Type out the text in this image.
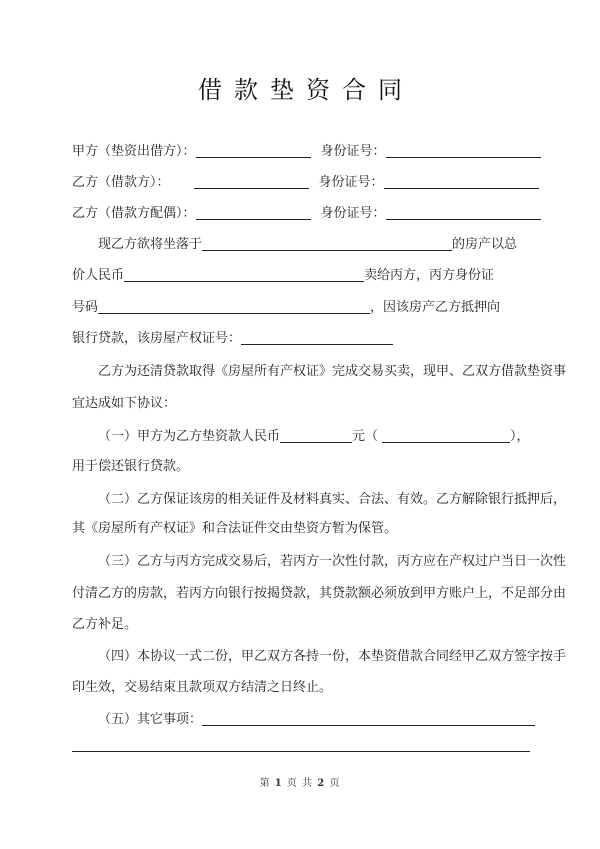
借款垫资合同
甲方（垫资出借方）：	身份证号：
乙方（借款方）：	身份证号：
乙方（借款方配偶）：	身份证号：
现乙方欲将坐落于	的房产以总
价人民币	卖给丙方，丙方身份证
号码	，因该房产乙方抵押向
银行贷款，该房屋产权证号：
乙方为还清贷款取得《房屋所有产权证》完成交易买卖，现甲、乙双方借款垫资事
宜达成如下协议：
（一）甲方为乙方垫资款人民币	元（	），
用于偿还银行贷款。
（二）乙方保证该房的相关证件及材料真实、合法、有效。乙方解除银行抵押后，
其《房屋所有产权证》和合法证件交由垫资方暂为保管。
（三）乙方与丙方完成交易后，若丙方一次性付款，丙方应在产权过户当日一次性
付清乙方的房款，若丙方向银行按揭贷款，其贷款额必须放到甲方账户上，不足部分由
乙方补足。
（四）本协议一式二份，甲乙双方各持一份，本垫资借款合同经甲乙双方签字按手
印生效，交易结束且款项双方结清之日终止。
（五）其它事项：
第 1 页 共 2 页
